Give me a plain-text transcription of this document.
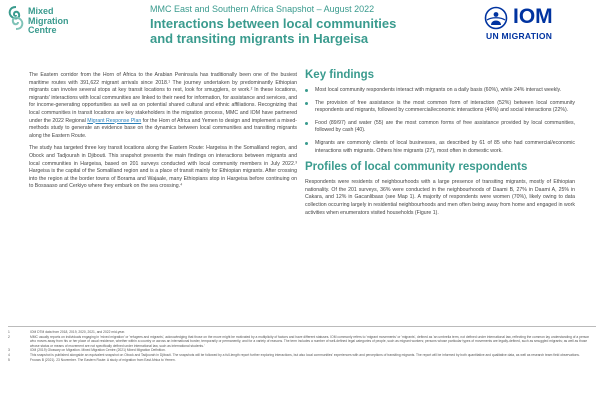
Mixed
Migration
Centre
MMC East and Southern Africa Snapshot – August 2022
Interactions between local communities
and transiting migrants in Hargeisa
IOM
UN MIGRATION

The Eastern corridor from the Horn of Africa to the Arabian Peninsula has traditionally been one of the busiest maritime routes with 391,622 migrant arrivals since 2018.¹ The journey undertaken by predominantly Ethiopian migrants can involve several stops at key transit locations to rest, look for smugglers, or work.² In these locations, migrants' interactions with local communities are linked to their need for information, for assistance and services, and for income-generating opportunities as well as on potential shared cultural and ethnic affiliations. Recognizing that local communities in transit locations are key stakeholders in the migration process, MMC and IOM have partnered under the 2022 Regional Migrant Response Plan for the Horn of Africa and Yemen to design and implement a mixed-methods study to generate an evidence base on the dynamics between local communities and transiting migrants along the Eastern Route.

The study has targeted three key transit locations along the Eastern Route: Hargeisa in the Somaliland region, and Obock and Tadjourah in Djibouti. This snapshot presents the main findings on interactions between migrants and local communities in Hargeisa, based on 201 surveys conducted with local community members in July 2022.³ Hargeisa is the capital of the Somaliland region and is a place of transit mainly for Ethiopian migrants. After crossing into the region at the border towns of Borama and Wajaale, many Ethiopians stop in Hargeisa before continuing on to Bossaaso and Cerkiyo where they embark on the sea crossing.⁴

Key findings
Most local community respondents interact with migrants on a daily basis (60%), while 24% interact weekly.
The provision of free assistance is the most common form of interaction (52%) between local community respondents and migrants, followed by commercial/economic interactions (46%) and social interactions (22%).
Food (89/97) and water (55) are the most common forms of free assistance provided by local communities, followed by cash (40).
Migrants are commonly clients of local businesses, as described by 61 of 85 who had commercial/economic interactions with migrants. Others hire migrants (27), most often in domestic work.
Profiles of local community respondents

Respondents were residents of neighbourhoods with a large presence of transiting migrants, mostly of Ethiopian nationality. Of the 201 surveys, 36% were conducted in the neighbourhoods of Daami B, 27% in Daami A, 25% in Cakara, and 12% in Gacanlibaax (see Map 1). A majority of respondents were women (70%), likely owing to data collection occurring largely in residential neighbourhoods and men often being away from home and engaged in work activities when enumerators visited households (Figure 1).

1	IOM DTM data from 2018, 2019, 2020, 2021, and 2022 mid-year.
2	MMC usually reports on individuals engaging in 'mixed migration' or 'refugees and migrants', acknowledging that those on the move might be motivated by a multiplicity of factors and have different statuses. IOM commonly refers to 'migrant movements' or 'migrants', defined as 'an umbrella term, not defined under international law, reflecting the common lay understanding of a person who moves away from his or her place of usual residence, whether within a country or across an international border, temporarily or permanently, and for a variety of reasons. The term includes a number of well-defined legal categories of people, such as migrant workers; persons whose particular types of movements are legally-defined, such as smuggled migrants; as well as those whose status or means of movement are not specifically defined under international law, such as international students.'
3	IOM (2019) Glossary on Migration. Mixed Migration Centre (2021) Mixed Migration Definition.
4	This snapshot is published alongside an equivalent snapshot on Obock and Tadjourah in Djibouti. The snapshots will be followed by a full-length report further exploring interactions, but also local communities' experiences with and perceptions of transiting migrants. The report will be informed by both quantitative and qualitative data, as well as research team field observations.
5	Frouws B (2021). 23 November. The Eastern Route: A study of migration from East Africa to Yemen.
